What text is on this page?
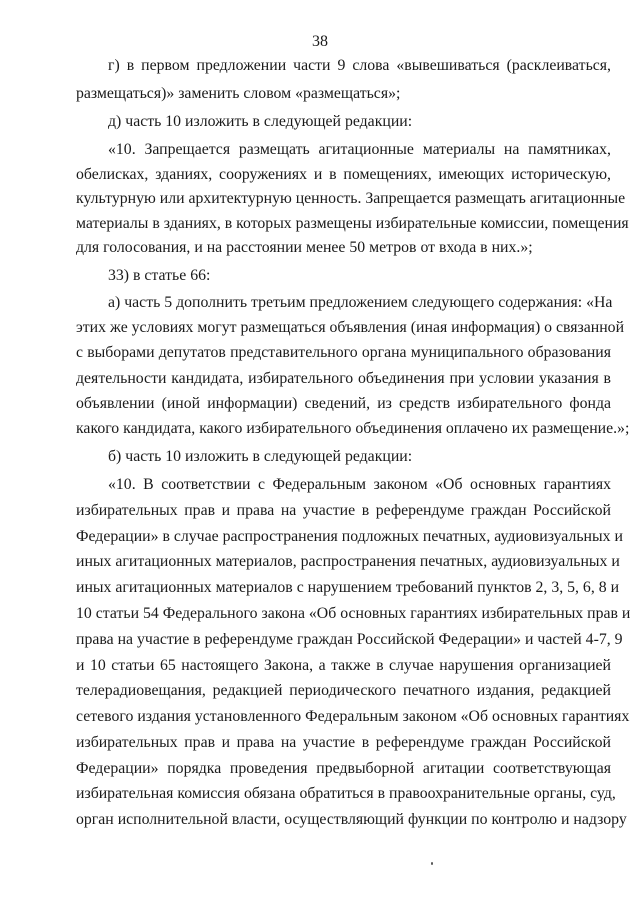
38
г) в первом предложении части 9 слова «вывешиваться (расклеиваться,
размещаться)» заменить словом «размещаться»;
д) часть 10 изложить в следующей редакции:
«10. Запрещается размещать агитационные материалы на памятниках,
обелисках, зданиях, сооружениях и в помещениях, имеющих историческую,
культурную или архитектурную ценность. Запрещается размещать агитационные
материалы в зданиях, в которых размещены избирательные комиссии, помещения
для голосования, и на расстоянии менее 50 метров от входа в них.»;
33) в статье 66:
а) часть 5 дополнить третьим предложением следующего содержания: «На
этих же условиях могут размещаться объявления (иная информация) о связанной
с выборами депутатов представительного органа муниципального образования
деятельности кандидата, избирательного объединения при условии указания в
объявлении (иной информации) сведений, из средств избирательного фонда
какого кандидата, какого избирательного объединения оплачено их размещение.»;
б) часть 10 изложить в следующей редакции:
«10. В соответствии с Федеральным законом «Об основных гарантиях
избирательных прав и права на участие в референдуме граждан Российской
Федерации» в случае распространения подложных печатных, аудиовизуальных и
иных агитационных материалов, распространения печатных, аудиовизуальных и
иных агитационных материалов с нарушением требований пунктов 2, 3, 5, 6, 8 и
10 статьи 54 Федерального закона «Об основных гарантиях избирательных прав и
права на участие в референдуме граждан Российской Федерации» и частей 4-7, 9
и 10 статьи 65 настоящего Закона, а также в случае нарушения организацией
телерадиовещания, редакцией периодического печатного издания, редакцией
сетевого издания установленного Федеральным законом «Об основных гарантиях
избирательных прав и права на участие в референдуме граждан Российской
Федерации» порядка проведения предвыборной агитации соответствующая
избирательная комиссия обязана обратиться в правоохранительные органы, суд,
орган исполнительной власти, осуществляющий функции по контролю и надзору
